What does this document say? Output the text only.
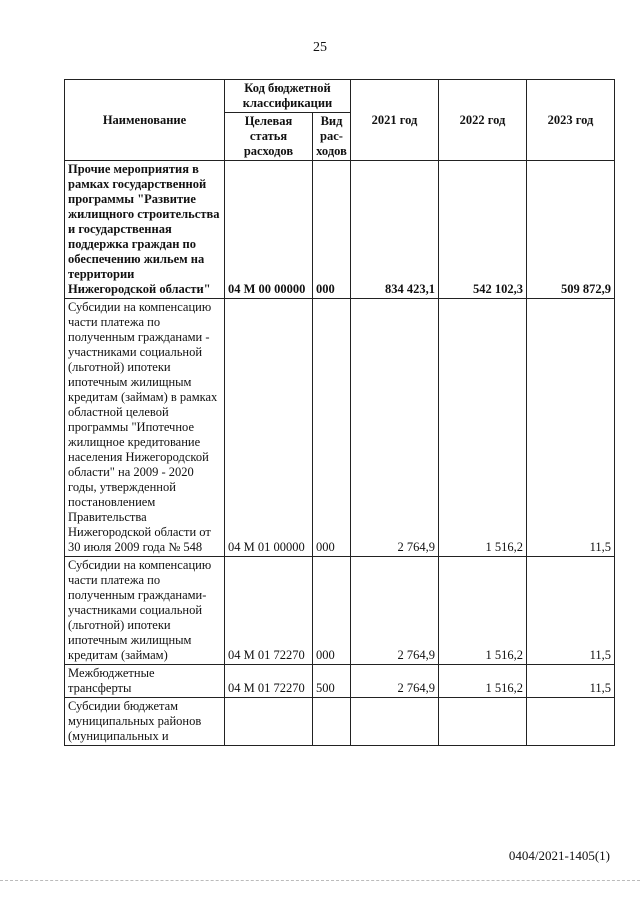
25
Наименование	Код бюджетной классификации		2021 год	2022 год	2023 год
	Целевая статья расходов	Вид рас-ходов			
Прочие мероприятия в рамках государственной программы "Развитие жилищного строительства и государственная поддержка граждан по обеспечению жильем на территории Нижегородской области"	04 М 00 00000	000	834 423,1	542 102,3	509 872,9
Субсидии на компенсацию части платежа по полученным гражданами - участниками социальной (льготной) ипотеки ипотечным жилищным кредитам (займам) в рамках областной целевой программы "Ипотечное жилищное кредитование населения Нижегородской области" на 2009 - 2020 годы, утвержденной постановлением Правительства Нижегородской области от 30 июля 2009 года № 548	04 М 01 00000	000	2 764,9	1 516,2	11,5
Субсидии на компенсацию части платежа по полученным гражданами-участниками социальной (льготной) ипотеки ипотечным жилищным кредитам (займам)	04 М 01 72270	000	2 764,9	1 516,2	11,5
Межбюджетные трансферты	04 М 01 72270	500	2 764,9	1 516,2	11,5
Субсидии бюджетам муниципальных районов (муниципальных и					
0404/2021-1405(1)
